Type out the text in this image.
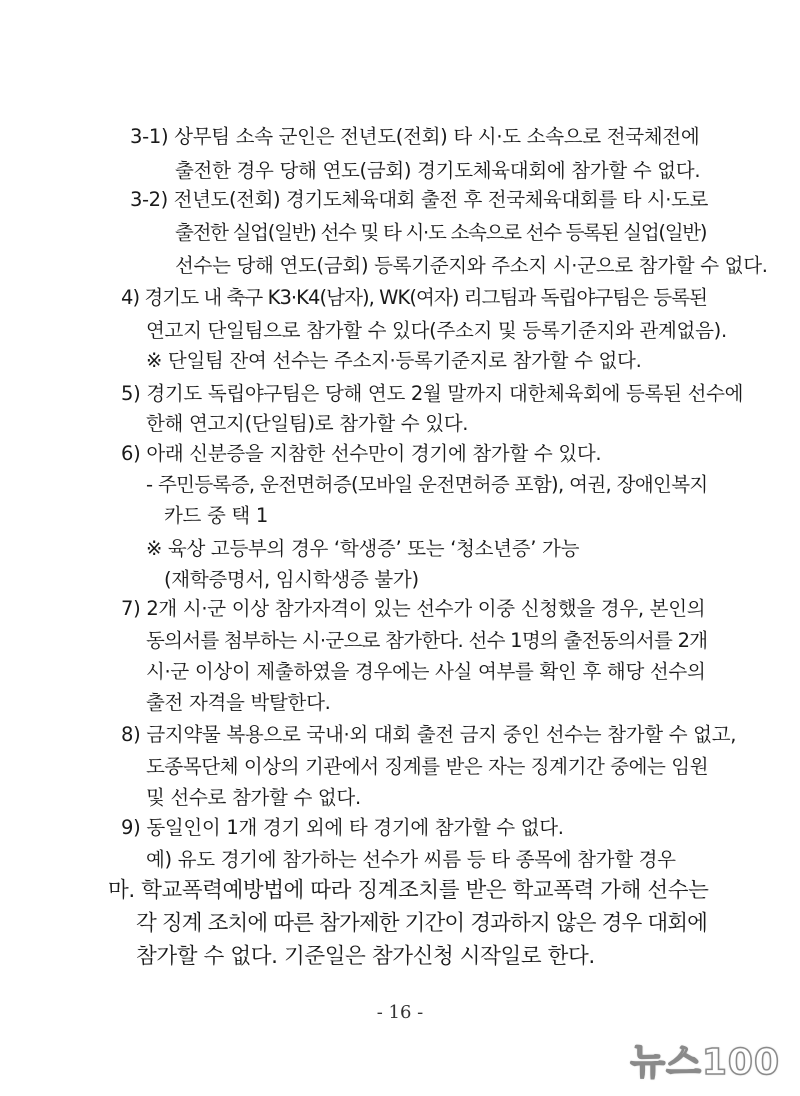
3-1) 상무팀 소속 군인은 전년도(전회) 타 시·도 소속으로 전국체전에
출전한 경우 당해 연도(금회) 경기도체육대회에 참가할 수 없다.
3-2) 전년도(전회) 경기도체육대회 출전 후 전국체육대회를 타 시·도로
출전한 실업(일반) 선수 및 타 시·도 소속으로 선수 등록된 실업(일반)
선수는 당해 연도(금회) 등록기준지와 주소지 시·군으로 참가할 수 없다.
4) 경기도 내 축구 K3·K4(남자), WK(여자) 리그팀과 독립야구팀은 등록된
연고지 단일팀으로 참가할 수 있다(주소지 및 등록기준지와 관계없음).
※ 단일팀 잔여 선수는 주소지·등록기준지로 참가할 수 없다.
5) 경기도 독립야구팀은 당해 연도 2월 말까지 대한체육회에 등록된 선수에
한해 연고지(단일팀)로 참가할 수 있다.
6) 아래 신분증을 지참한 선수만이 경기에 참가할 수 있다.
- 주민등록증, 운전면허증(모바일 운전면허증 포함), 여권, 장애인복지
카드 중 택 1
※ 육상 고등부의 경우 ‘학생증’ 또는 ‘청소년증’ 가능
(재학증명서, 임시학생증 불가)
7) 2개 시·군 이상 참가자격이 있는 선수가 이중 신청했을 경우, 본인의
동의서를 첨부하는 시·군으로 참가한다. 선수 1명의 출전동의서를 2개
시·군 이상이 제출하였을 경우에는 사실 여부를 확인 후 해당 선수의
출전 자격을 박탈한다.
8) 금지약물 복용으로 국내·외 대회 출전 금지 중인 선수는 참가할 수 없고,
도종목단체 이상의 기관에서 징계를 받은 자는 징계기간 중에는 임원
및 선수로 참가할 수 없다.
9) 동일인이 1개 경기 외에 타 경기에 참가할 수 없다.
예) 유도 경기에 참가하는 선수가 씨름 등 타 종목에 참가할 경우
마. 학교폭력예방법에 따라 징계조치를 받은 학교폭력 가해 선수는
각 징계 조치에 따른 참가제한 기간이 경과하지 않은 경우 대회에
참가할 수 없다. 기준일은 참가신청 시작일로 한다.
- 16 -
뉴스100
